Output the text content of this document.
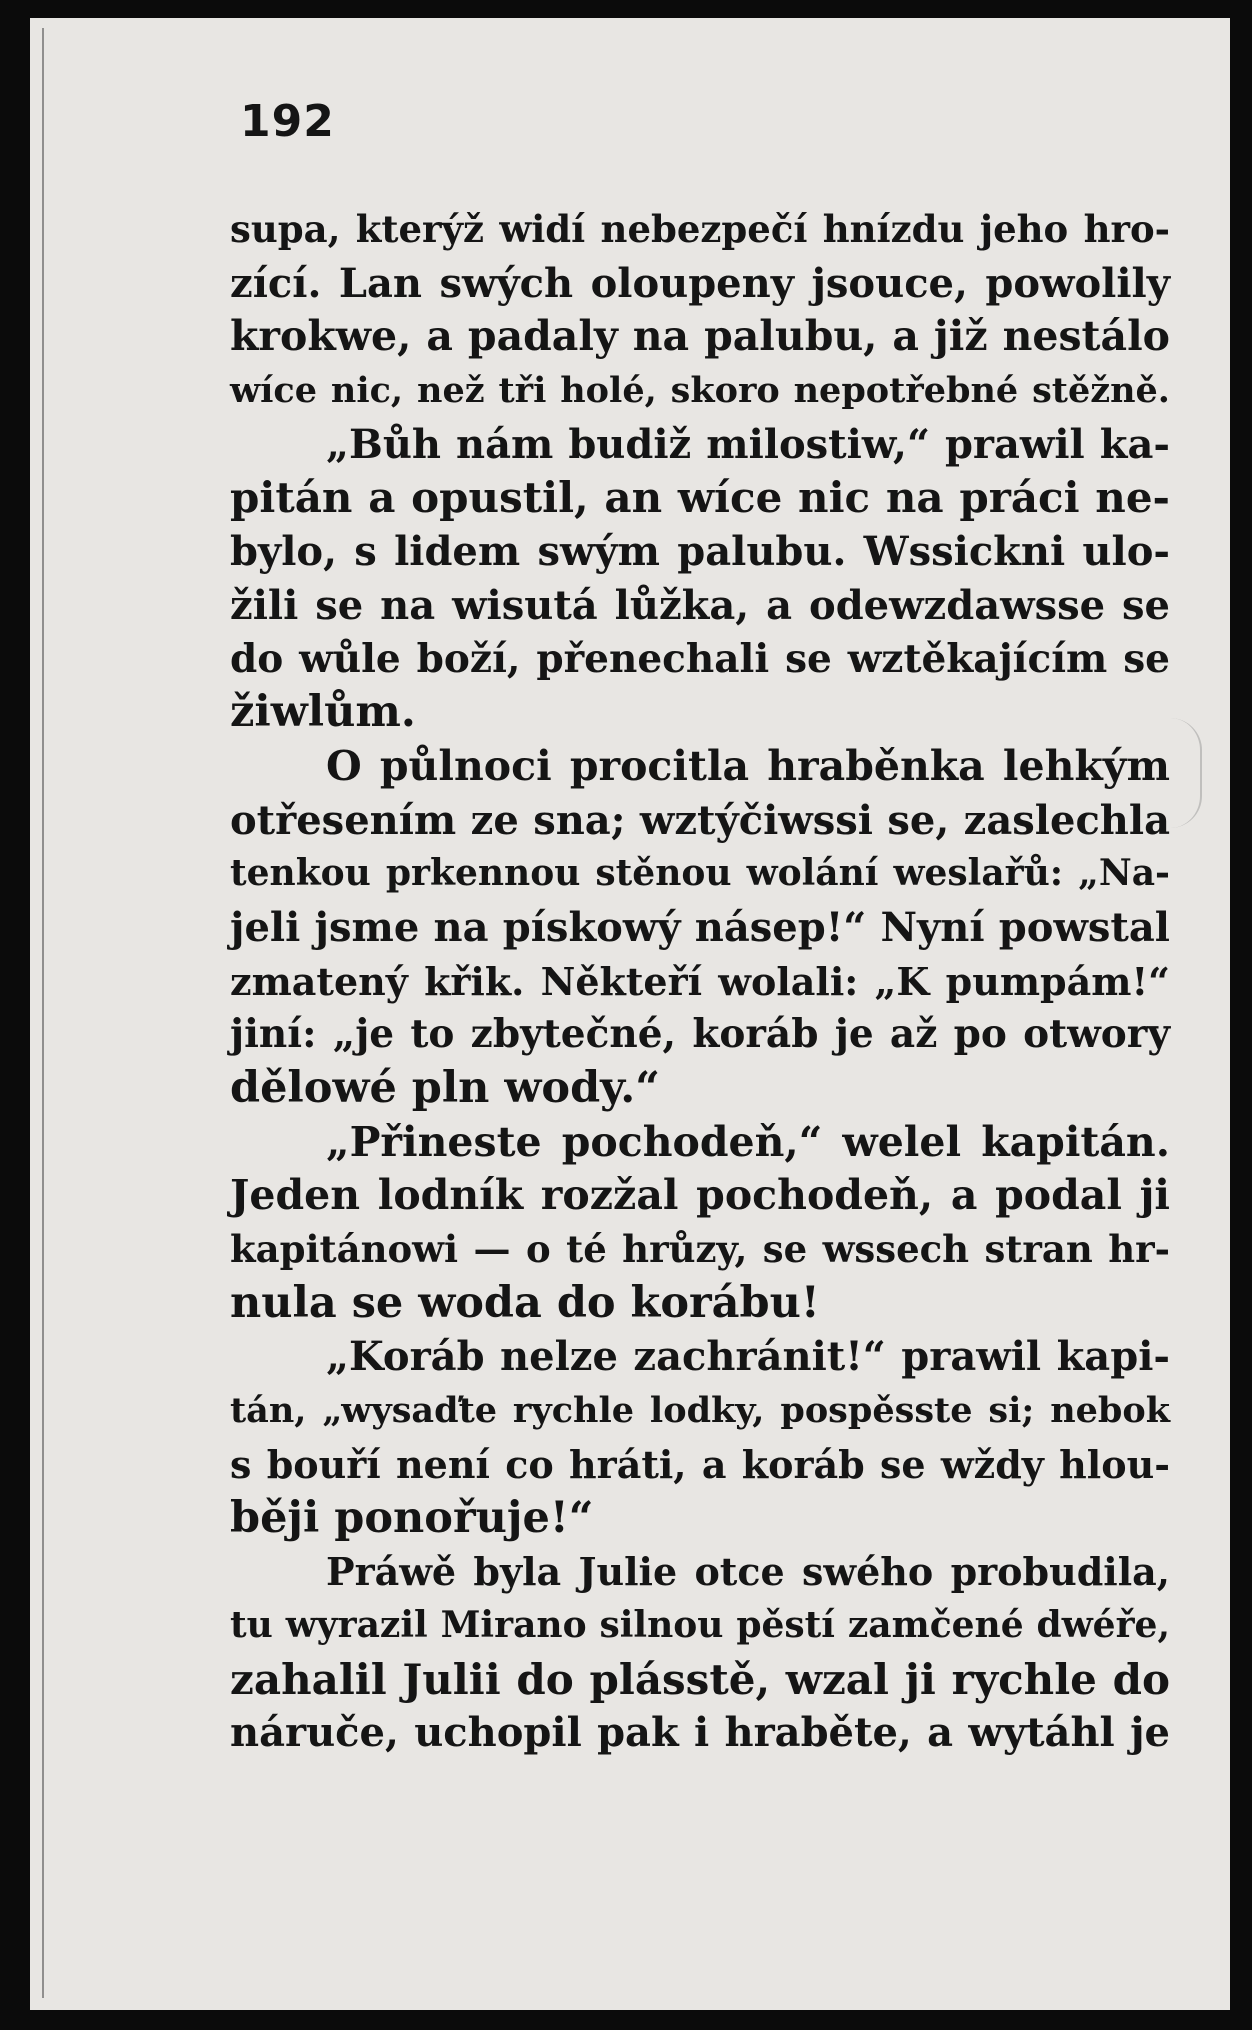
192
supa, kterýž widí nebezpečí hnízdu jeho hro-
zící. Lan swých oloupeny jsouce, powolily
krokwe, a padaly na palubu, a již nestálo
wíce nic, než tři holé, skoro nepotřebné stěžně.
„Bůh nám budiž milostiw,“ prawil ka-
pitán a opustil, an wíce nic na práci ne-
bylo, s lidem swým palubu. Wssickni ulo-
žili se na wisutá lůžka, a odewzdawsse se
do wůle boží, přenechali se wztěkajícím se
žiwlům.
O půlnoci procitla hraběnka lehkým
otřesením ze sna; wztýčiwssi se, zaslechla
tenkou prkennou stěnou wolání weslařů: „Na-
jeli jsme na pískowý násep!“ Nyní powstal
zmatený křik. Někteří wolali: „K pumpám!“
jiní: „je to zbytečné, koráb je až po otwory
dělowé pln wody.“
„Přineste pochodeň,“ welel kapitán.
Jeden lodník rozžal pochodeň, a podal ji
kapitánowi — o té hrůzy, se wssech stran hr-
nula se woda do korábu!
„Koráb nelze zachránit!“ prawil kapi-
tán, „wysaďte rychle lodky, pospěsste si; nebok
s bouří není co hráti, a koráb se wždy hlou-
běji ponořuje!“
Práwě byla Julie otce swého probudila,
tu wyrazil Mirano silnou pěstí zamčené dwéře,
zahalil Julii do plásstě, wzal ji rychle do
náruče, uchopil pak i hraběte, a wytáhl je
